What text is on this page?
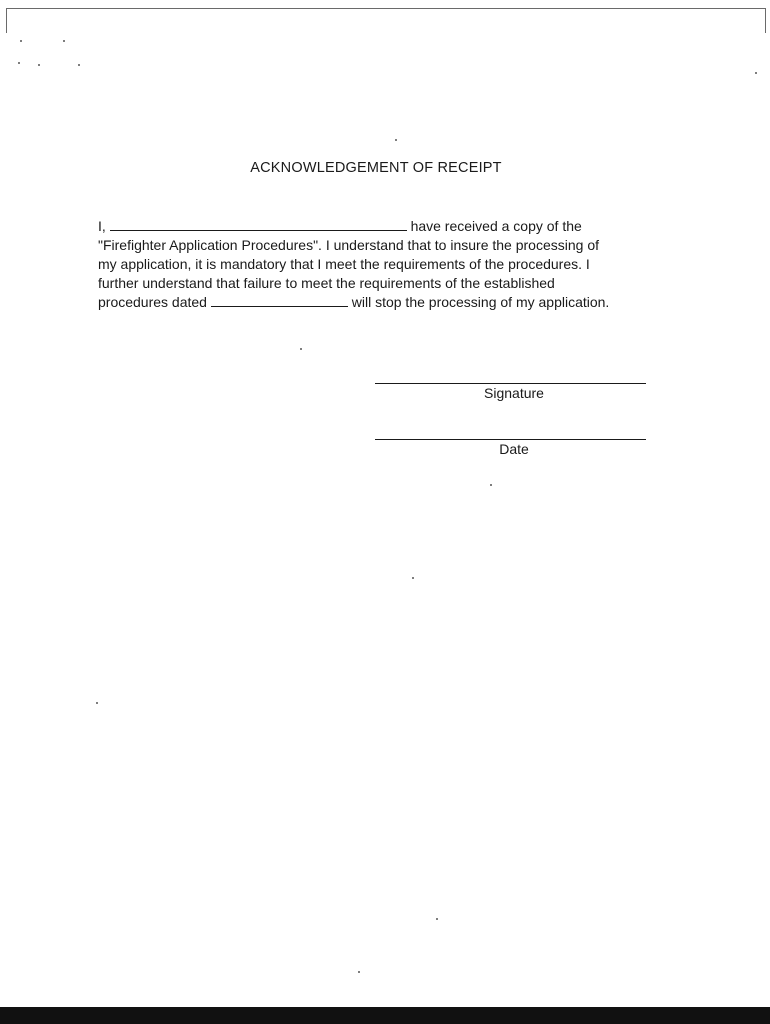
ACKNOWLEDGEMENT OF RECEIPT
I,	have received a copy of the
"Firefighter Application Procedures". I understand that to insure the processing of
my application, it is mandatory that I meet the requirements of the procedures. I
further understand that failure to meet the requirements of the established
procedures dated	will stop the processing of my application.
Signature
Date
